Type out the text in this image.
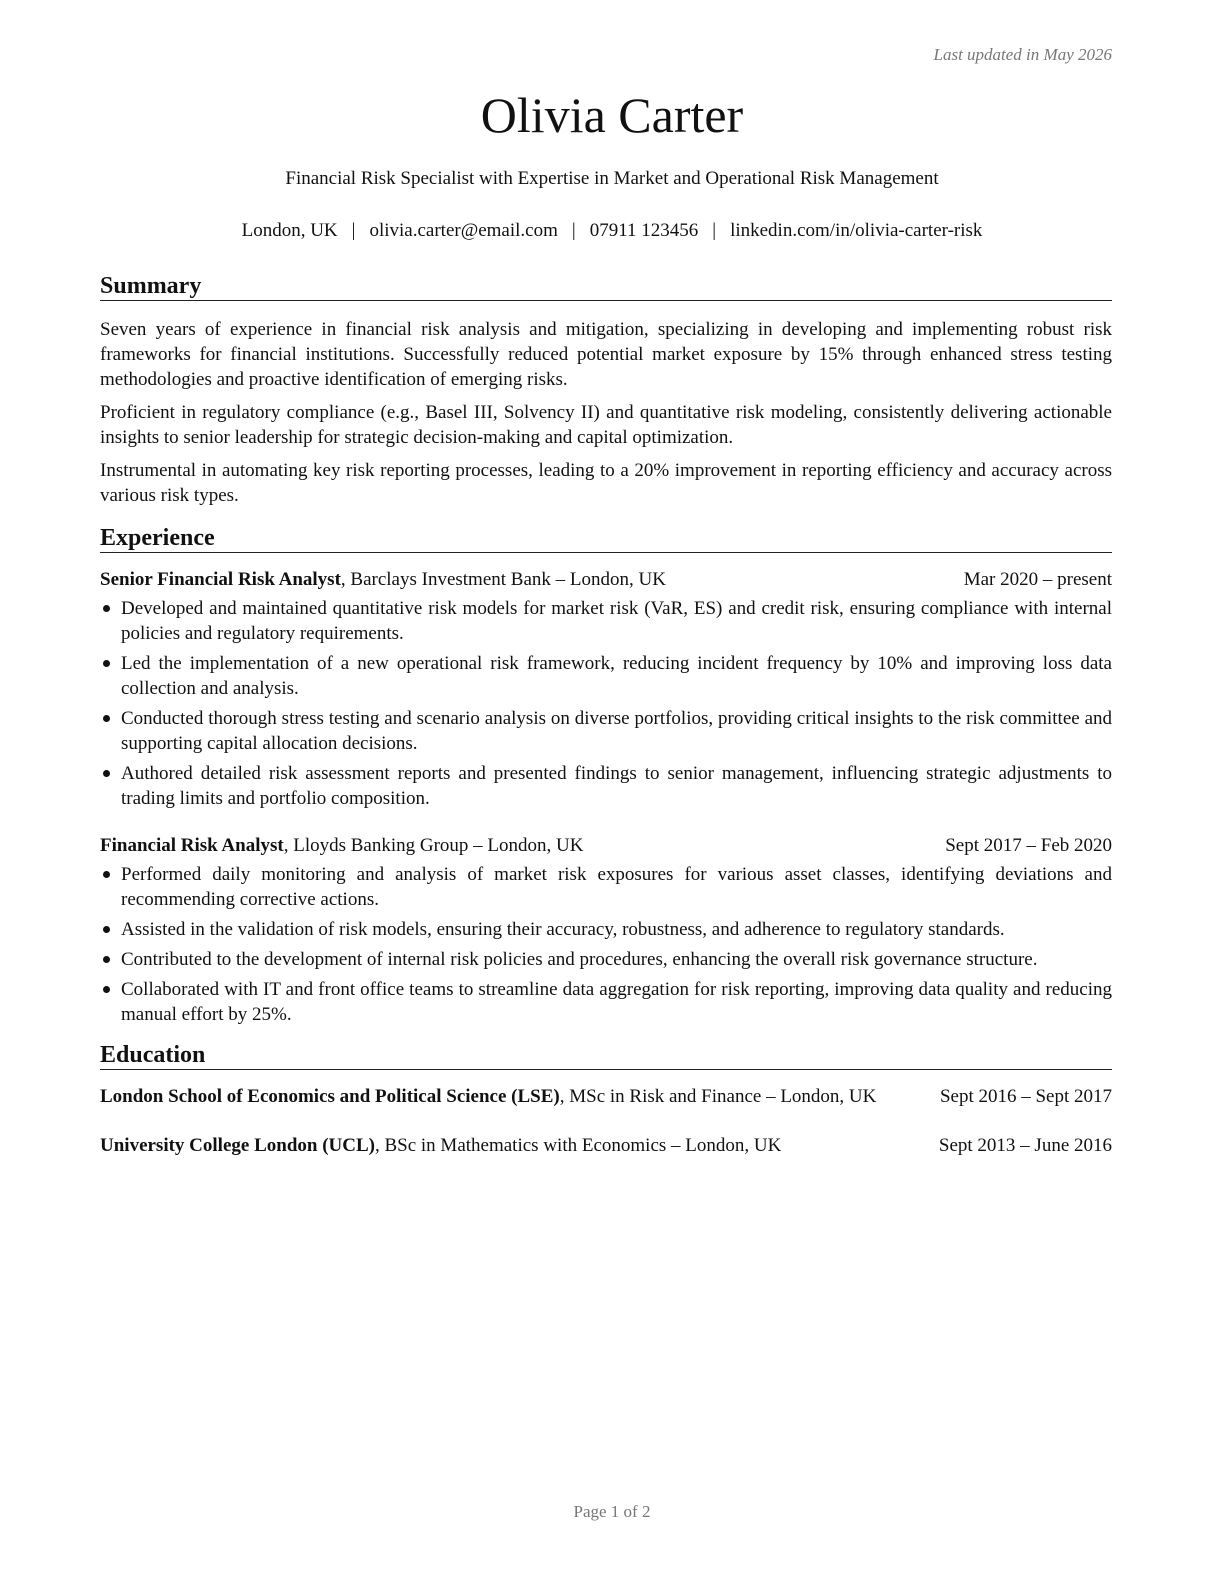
Last updated in May 2026
Olivia Carter
Financial Risk Specialist with Expertise in Market and Operational Risk Management
London, UK | olivia.carter@email.com | 07911 123456 | linkedin.com/in/olivia-carter-risk
Summary

Seven years of experience in financial risk analysis and mitigation, specializing in developing and implementing robust risk frameworks for financial institutions. Successfully reduced potential market exposure by 15% through enhanced stress testing methodologies and proactive identification of emerging risks.

Proficient in regulatory compliance (e.g., Basel III, Solvency II) and quantitative risk modeling, consistently delivering actionable insights to senior leadership for strategic decision-making and capital optimization.

Instrumental in automating key risk reporting processes, leading to a 20% improvement in reporting efficiency and accuracy across various risk types.

Experience
Senior Financial Risk Analyst, Barclays Investment Bank – London, UK	Mar 2020 – present
Developed and maintained quantitative risk models for market risk (VaR, ES) and credit risk, ensuring compliance with internal policies and regulatory requirements.
Led the implementation of a new operational risk framework, reducing incident frequency by 10% and improving loss data collection and analysis.
Conducted thorough stress testing and scenario analysis on diverse portfolios, providing critical insights to the risk committee and supporting capital allocation decisions.
Authored detailed risk assessment reports and presented findings to senior management, influencing strategic adjustments to trading limits and portfolio composition.
Financial Risk Analyst, Lloyds Banking Group – London, UK	Sept 2017 – Feb 2020
Performed daily monitoring and analysis of market risk exposures for various asset classes, identifying deviations and recommending corrective actions.
Assisted in the validation of risk models, ensuring their accuracy, robustness, and adherence to regulatory standards.
Contributed to the development of internal risk policies and procedures, enhancing the overall risk governance structure.
Collaborated with IT and front office teams to streamline data aggregation for risk reporting, improving data quality and reducing manual effort by 25%.
Education
London School of Economics and Political Science (LSE), MSc in Risk and Finance – London, UK	Sept 2016 – Sept 2017
University College London (UCL), BSc in Mathematics with Economics – London, UK	Sept 2013 – June 2016
Page 1 of 2
